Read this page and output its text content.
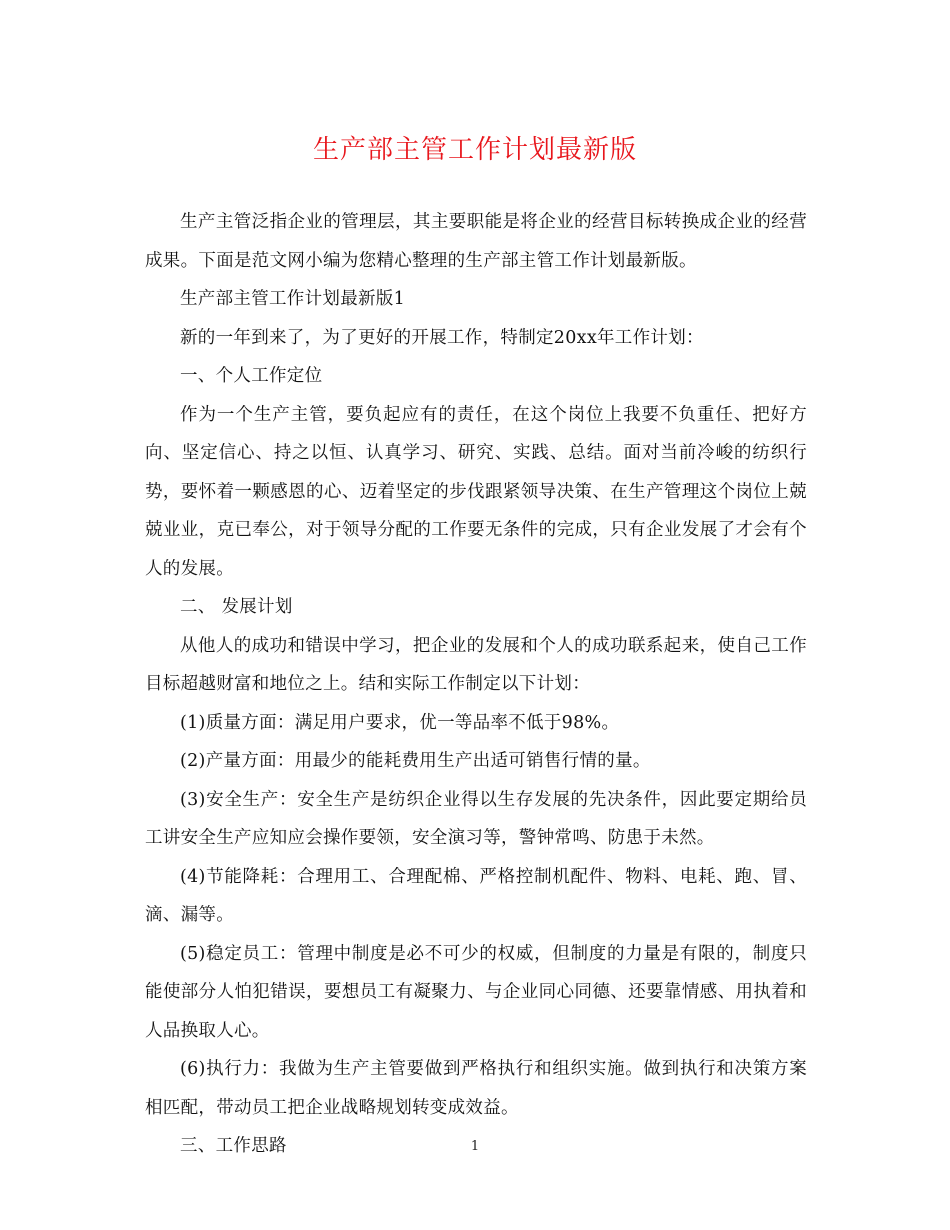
生产部主管工作计划最新版

生产主管泛指企业的管理层，其主要职能是将企业的经营目标转换成企业的经营成果。下面是范文网小编为您精心整理的生产部主管工作计划最新版。

生产部主管工作计划最新版1

新的一年到来了，为了更好的开展工作，特制定20xx年工作计划：

一、个人工作定位

作为一个生产主管，要负起应有的责任，在这个岗位上我要不负重任、把好方向、坚定信心、持之以恒、认真学习、研究、实践、总结。面对当前冷峻的纺织行势，要怀着一颗感恩的心、迈着坚定的步伐跟紧领导决策、在生产管理这个岗位上兢兢业业，克已奉公，对于领导分配的工作要无条件的完成，只有企业发展了才会有个人的发展。

二、 发展计划

从他人的成功和错误中学习，把企业的发展和个人的成功联系起来，使自己工作目标超越财富和地位之上。结和实际工作制定以下计划：

(1)质量方面：满足用户要求，优一等品率不低于98%。

(2)产量方面：用最少的能耗费用生产出适可销售行情的量。

(3)安全生产：安全生产是纺织企业得以生存发展的先决条件，因此要定期给员工讲安全生产应知应会操作要领，安全演习等，警钟常鸣、防患于未然。

(4)节能降耗：合理用工、合理配棉、严格控制机配件、物料、电耗、跑、冒、滴、漏等。

(5)稳定员工：管理中制度是必不可少的权威，但制度的力量是有限的，制度只能使部分人怕犯错误，要想员工有凝聚力、与企业同心同德、还要靠情感、用执着和人品换取人心。

(6)执行力：我做为生产主管要做到严格执行和组织实施。做到执行和决策方案相匹配，带动员工把企业战略规划转变成效益。

三、工作思路	1
